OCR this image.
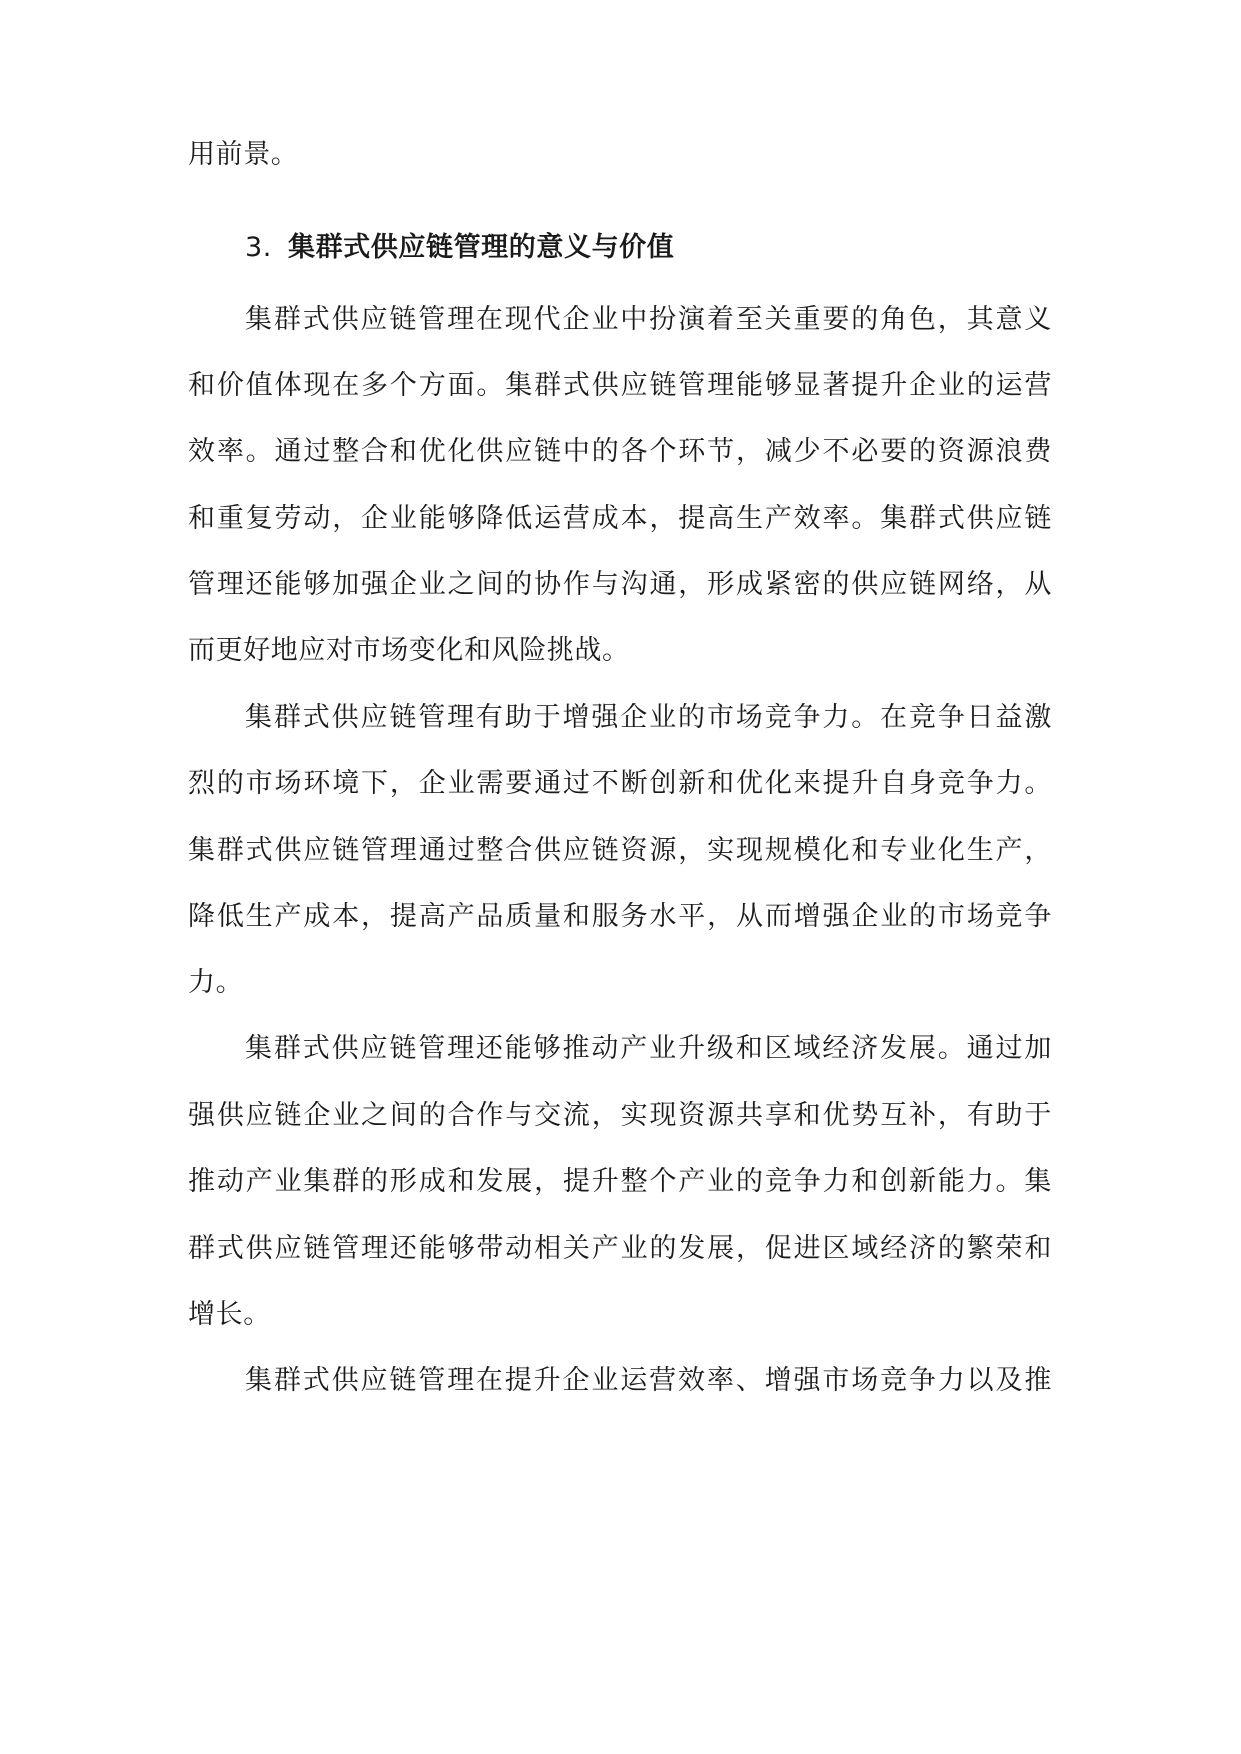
用前景。
3. 集群式供应链管理的意义与价值
集群式供应链管理在现代企业中扮演着至关重要的角色，其意义
和价值体现在多个方面。集群式供应链管理能够显著提升企业的运营
效率。通过整合和优化供应链中的各个环节，减少不必要的资源浪费
和重复劳动，企业能够降低运营成本，提高生产效率。集群式供应链
管理还能够加强企业之间的协作与沟通，形成紧密的供应链网络，从
而更好地应对市场变化和风险挑战。
集群式供应链管理有助于增强企业的市场竞争力。在竞争日益激
烈的市场环境下，企业需要通过不断创新和优化来提升自身竞争力。
集群式供应链管理通过整合供应链资源，实现规模化和专业化生产，
降低生产成本，提高产品质量和服务水平，从而增强企业的市场竞争
力。
集群式供应链管理还能够推动产业升级和区域经济发展。通过加
强供应链企业之间的合作与交流，实现资源共享和优势互补，有助于
推动产业集群的形成和发展，提升整个产业的竞争力和创新能力。集
群式供应链管理还能够带动相关产业的发展，促进区域经济的繁荣和
增长。
集群式供应链管理在提升企业运营效率、增强市场竞争力以及推
